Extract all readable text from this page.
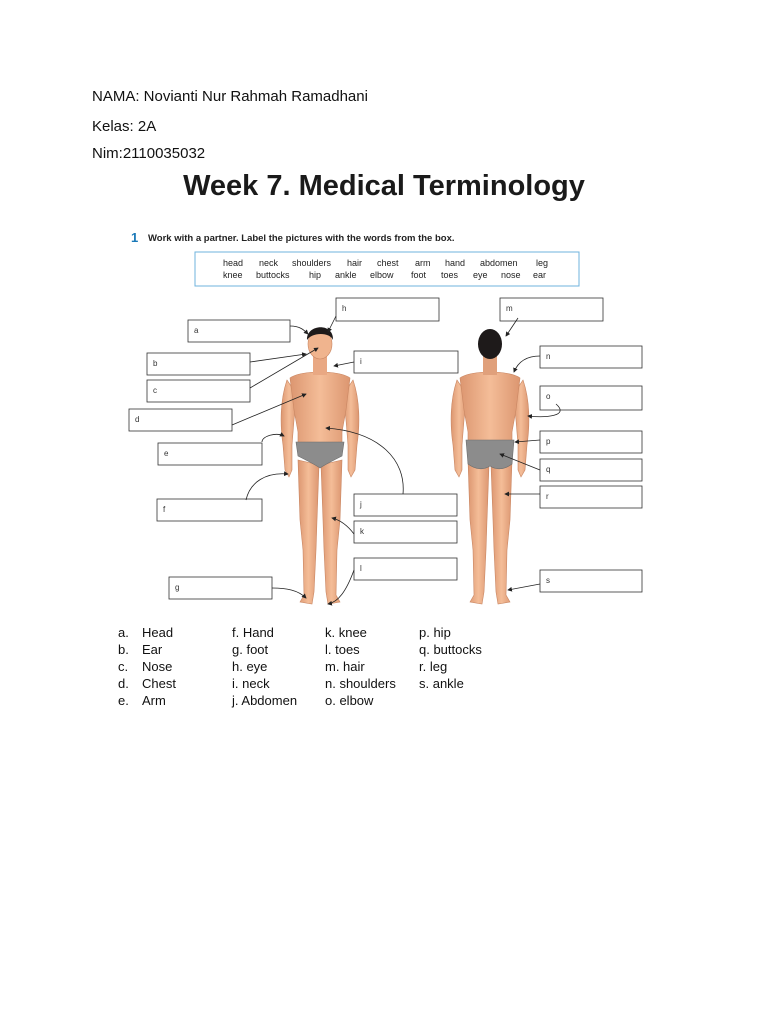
NAMA: Novianti Nur Rahmah Ramadhani
Kelas: 2A
Nim:2110035032
Week 7. Medical Terminology
1 Work with a partner. Label the pictures with the words from the box.
head neck shoulders hair chest arm hand abdomen leg
knee buttocks hip ankle elbow foot toes eye nose ear
a
b
c
d
e
f
g
h
i
j
k
l
m
n
o
p
q
r
s
a.	Head
b.	Ear
c.	Nose
d.	Chest
e.	Arm
f. Hand
g. foot
h. eye
i. neck
j. Abdomen
k. knee
l. toes
m. hair
n. shoulders
o. elbow
p. hip
q. buttocks
r. leg
s. ankle
